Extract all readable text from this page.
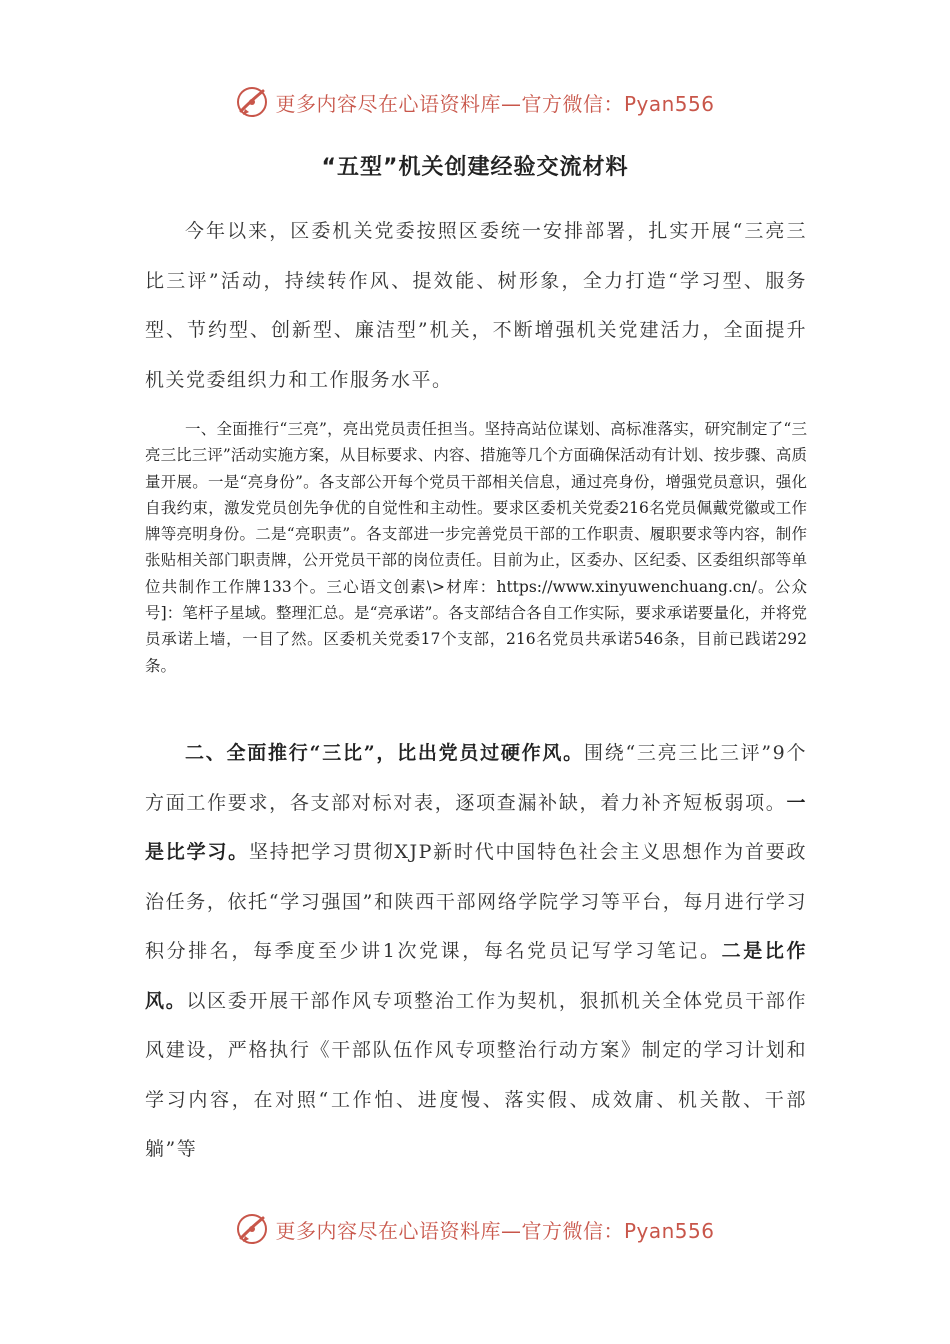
更多内容尽在心语资料库—官方微信：Pyan556
“五型”机关创建经验交流材料
今年以来，区委机关党委按照区委统一安排部署，扎实开展“三亮三比三评”活动，持续转作风、提效能、树形象，全力打造“学习型、服务型、节约型、创新型、廉洁型”机关，不断增强机关党建活力，全面提升机关党委组织力和工作服务水平。
一、全面推行“三亮”，亮出党员责任担当。坚持高站位谋划、高标准落实，研究制定了“三亮三比三评”活动实施方案，从目标要求、内容、措施等几个方面确保活动有计划、按步骤、高质量开展。一是“亮身份”。各支部公开每个党员干部相关信息，通过亮身份，增强党员意识，强化自我约束，激发党员创先争优的自觉性和主动性。要求区委机关党委216名党员佩戴党徽或工作牌等亮明身份。二是“亮职责”。各支部进一步完善党员干部的工作职责、履职要求等内容，制作张贴相关部门职责牌，公开党员干部的岗位责任。目前为止，区委办、区纪委、区委组织部等单位共制作工作牌133个。三心语文创素\>材库：https://www.xinyuwenchuang.cn/。公众号]：笔杆子星域。整理汇总。是“亮承诺”。各支部结合各自工作实际，要求承诺要量化，并将党员承诺上墙，一目了然。区委机关党委17个支部，216名党员共承诺546条，目前已践诺292条。
二、全面推行“三比”，比出党员过硬作风。围绕“三亮三比三评”9个方面工作要求，各支部对标对表，逐项查漏补缺，着力补齐短板弱项。一是比学习。坚持把学习贯彻XJP新时代中国特色社会主义思想作为首要政治任务，依托“学习强国”和陕西干部网络学院学习等平台，每月进行学习积分排名，每季度至少讲1次党课，每名党员记写学习笔记。二是比作风。以区委开展干部作风专项整治工作为契机，狠抓机关全体党员干部作风建设，严格执行《干部队伍作风专项整治行动方案》制定的学习计划和学习内容，在对照“工作怕、进度慢、落实假、成效庸、机关散、干部躺”等
更多内容尽在心语资料库—官方微信：Pyan556
